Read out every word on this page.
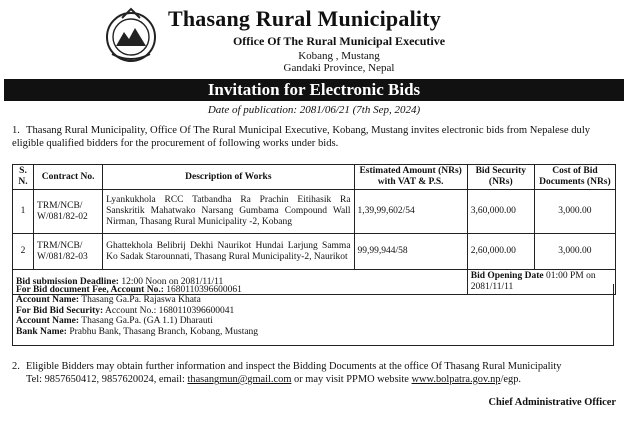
Thasang Rural Municipality
Office Of The Rural Municipal Executive
Kobang , Mustang
Gandaki Province, Nepal
Invitation for Electronic Bids
Date of publication: 2081/06/21 (7th Sep, 2024)
1. Thasang Rural Municipality, Office Of The Rural Municipal Executive, Kobang, Mustang invites electronic bids from Nepalese duly eligible qualified bidders for the procurement of following works under bids.
S. N.	Contract No.	Description of Works	Estimated Amount (NRs) with VAT & P.S.	Bid Security (NRs)	Cost of Bid Documents (NRs)
1	TRM/NCB/ W/081/82-02	Lyankukhola RCC Tatbandha Ra Prachin Eitihasik Ra Sanskritik Mahatwako Narsang Gumbama Compound Wall Nirman, Thasang Rural Municipality -2, Kobang	1,39,99,602/54	3,60,000.00	3,000.00
2	TRM/NCB/ W/081/82-03	Ghattekhola Belibrij Dekhi Naurikot Hundai Larjung Samma Ko Sadak Starounnati, Thasang Rural Municipality-2, Naurikot	99,99,944/58	2,60,000.00	3,000.00
Bid submission Deadline: 12:00 Noon on 2081/11/11				Bid Opening Date 01:00 PM on 2081/11/11	
For Bid document Fee, Account No.: 1680110396600061
Account Name: Thasang Ga.Pa. Rajaswa Khata
For Bid Bid Security: Account No.: 1680110396600041
Account Name: Thasang Ga.Pa. (GA 1.1) Dharauti
Bank Name: Prabhu Bank, Thasang Branch, Kobang, Mustang
2. Eligible Bidders may obtain further information and inspect the Bidding Documents at the office Of Thasang Rural Municipality
Tel: 9857650412, 9857620024, email: thasangmun@gmail.com or may visit PPMO website www.bolpatra.gov.np/egp.
Chief Administrative Officer
